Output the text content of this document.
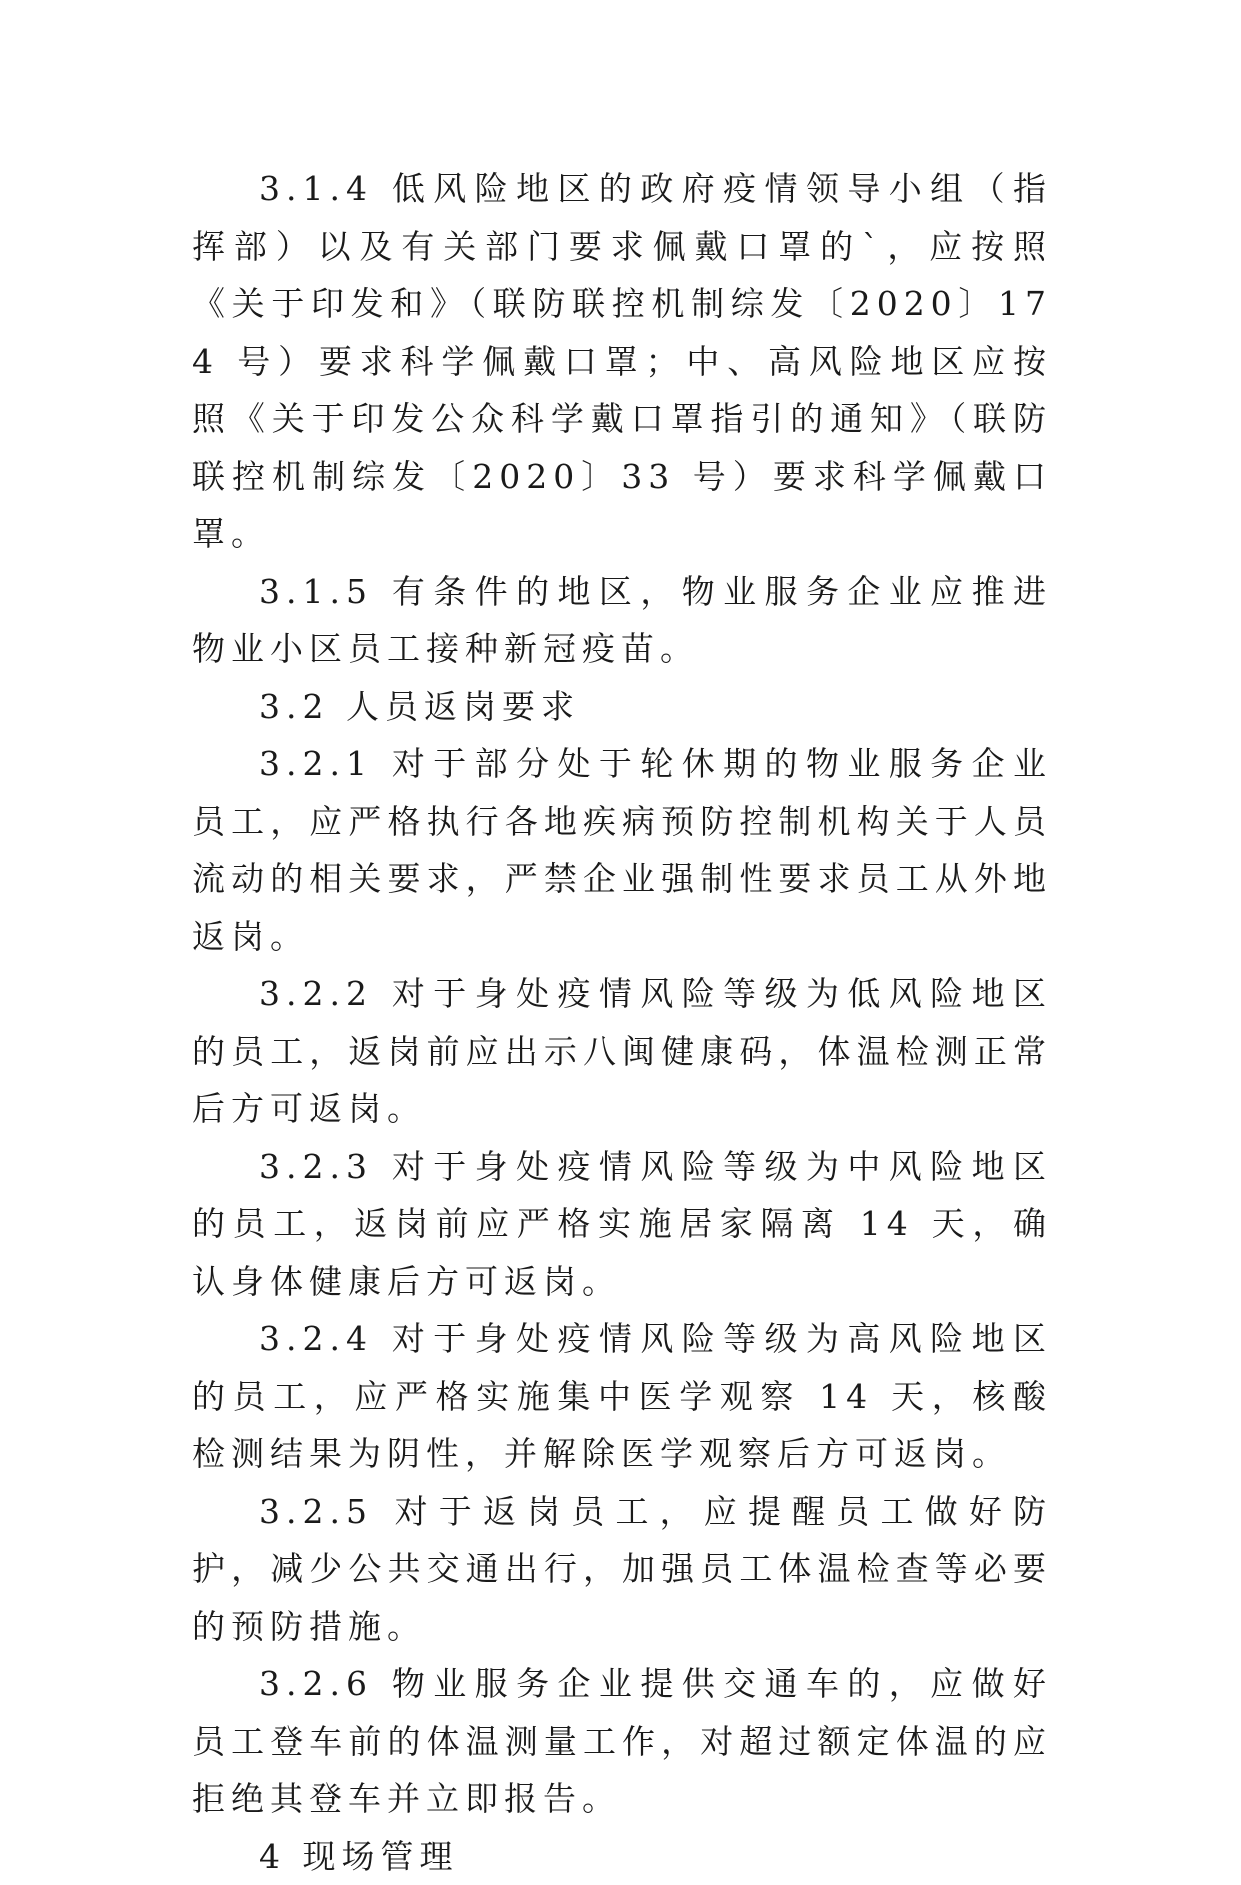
3.1.4 低风险地区的政府疫情领导小组（指挥部）以及有关部门要求佩戴口罩的`，应按照《关于印发和》（联防联控机制综发〔2020〕174 号）要求科学佩戴口罩；中、高风险地区应按照《关于印发公众科学戴口罩指引的通知》（联防联控机制综发〔2020〕33 号）要求科学佩戴口罩。

3.1.5 有条件的地区，物业服务企业应推进物业小区员工接种新冠疫苗。

3.2 人员返岗要求

3.2.1 对于部分处于轮休期的物业服务企业员工，应严格执行各地疾病预防控制机构关于人员流动的相关要求，严禁企业强制性要求员工从外地返岗。

3.2.2 对于身处疫情风险等级为低风险地区的员工，返岗前应出示八闽健康码，体温检测正常后方可返岗。

3.2.3 对于身处疫情风险等级为中风险地区的员工，返岗前应严格实施居家隔离 14 天，确认身体健康后方可返岗。

3.2.4 对于身处疫情风险等级为高风险地区的员工，应严格实施集中医学观察 14 天，核酸检测结果为阴性，并解除医学观察后方可返岗。

3.2.5 对于返岗员工，应提醒员工做好防护，减少公共交通出行，加强员工体温检查等必要的预防措施。

3.2.6 物业服务企业提供交通车的，应做好员工登车前的体温测量工作，对超过额定体温的应拒绝其登车并立即报告。

4 现场管理
